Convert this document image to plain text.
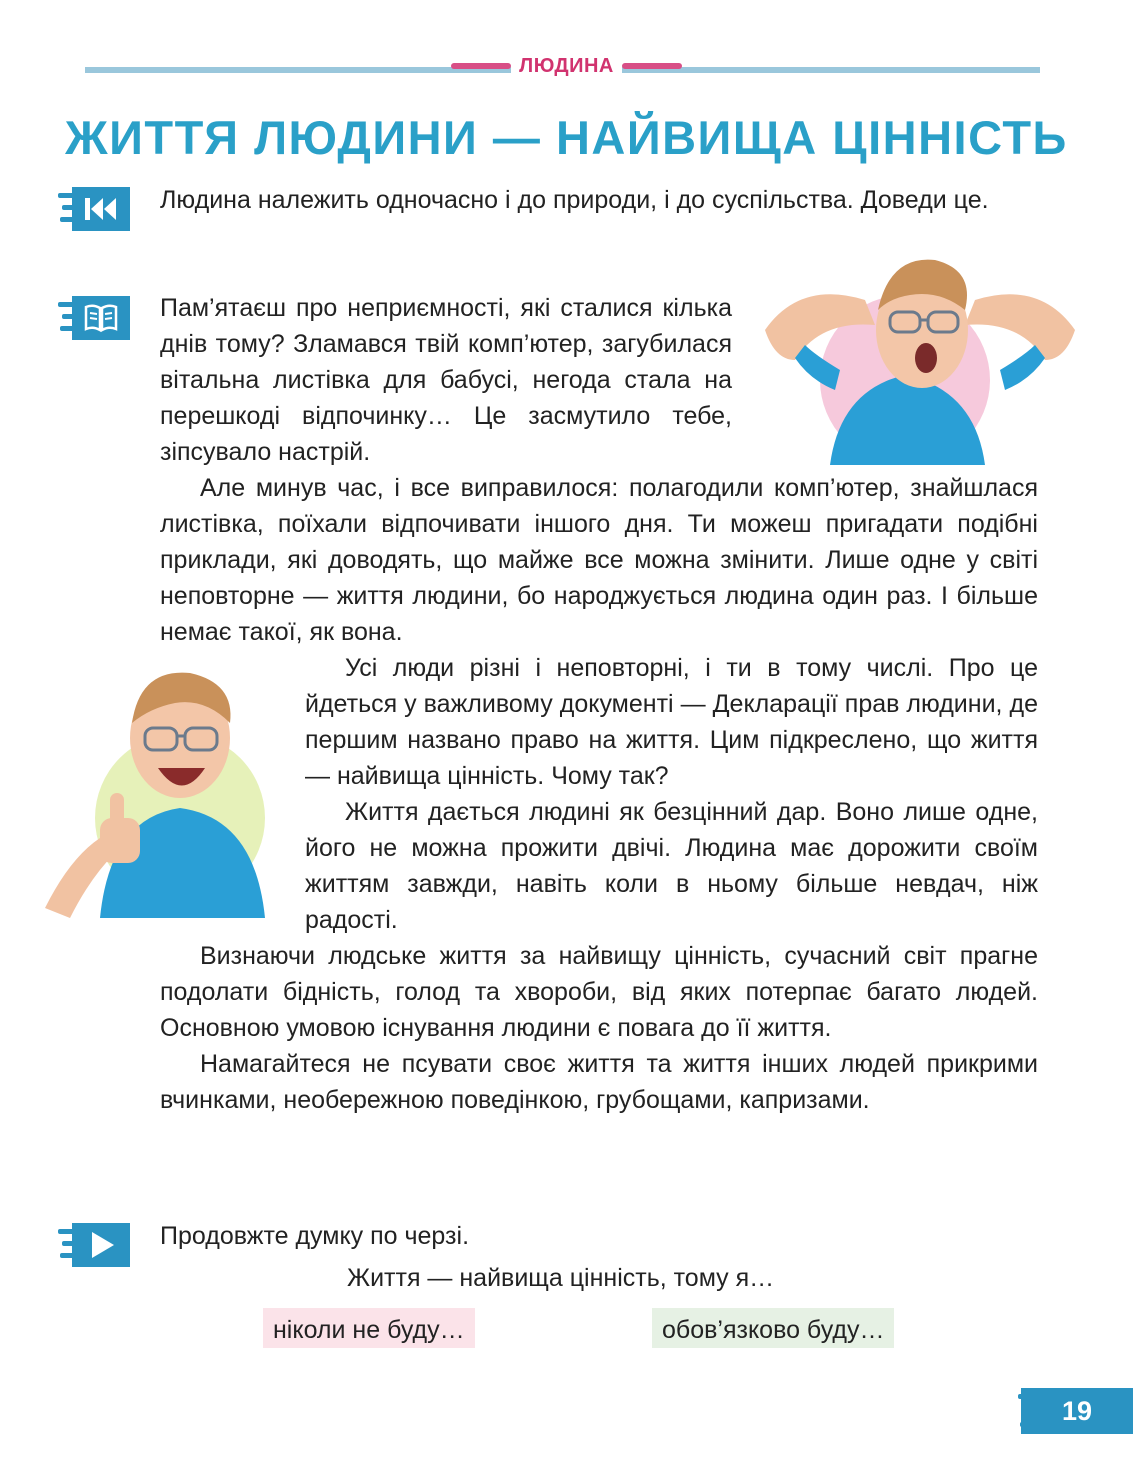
ЛЮДИНА
ЖИТТЯ ЛЮДИНИ — НАЙВИЩА ЦІННІСТЬ

Людина належить одночасно і до природи, і до суспільства. Доведи це.

Пам’ятаєш про неприємності, які сталися кілька днів тому? Зламався твій комп’ютер, загубилася вітальна листівка для бабусі, негода стала на перешкоді відпочинку… Це засмутило тебе, зіпсувало настрій.

Але минув час, і все виправилося: полагодили комп’ютер, знайшлася листівка, поїхали відпочивати іншого дня. Ти можеш пригадати подібні приклади, які доводять, що майже все можна змінити. Лише одне у світі неповторне — життя людини, бо народжується людина один раз. І більше немає такої, як вона.

Усі люди різні і неповторні, і ти в тому числі. Про це йдеться у важливому документі — Декларації прав людини, де першим названо право на життя. Цим підкреслено, що життя — найвища цінність. Чому так?

Життя дається людині як безцінний дар. Воно лише одне, його не можна прожити двічі. Людина має дорожити своїм життям завжди, навіть коли в ньому більше невдач, ніж радості.

Визнаючи людське життя за найвищу цінність, сучасний світ прагне подолати бідність, голод та хвороби, від яких потерпає багато людей. Основною умовою існування людини є повага до її життя.

Намагайтеся не псувати своє життя та життя інших людей прикрими вчинками, необережною поведінкою, грубощами, капризами.

Продовжте думку по черзі.

Життя — найвища цінність, тому я…

ніколи не буду…	обов’язково буду…
19
